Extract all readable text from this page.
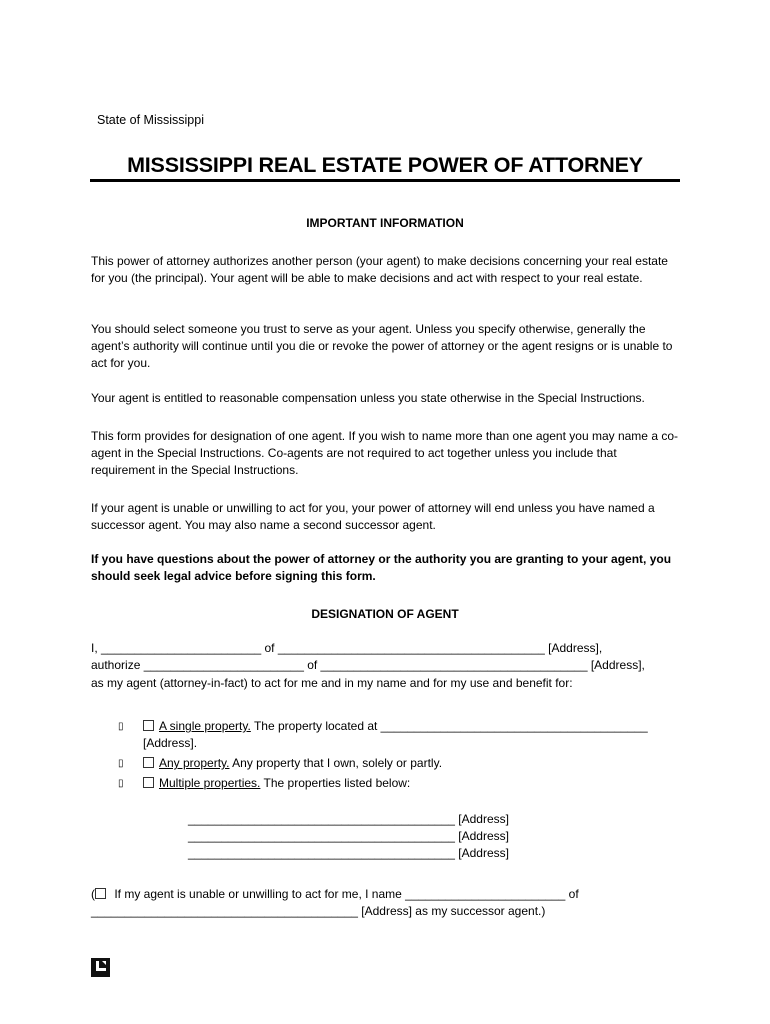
State of Mississippi
MISSISSIPPI REAL ESTATE POWER OF ATTORNEY
IMPORTANT INFORMATION
This power of attorney authorizes another person (your agent) to make decisions concerning your real estate for you (the principal). Your agent will be able to make decisions and act with respect to your real estate.
You should select someone you trust to serve as your agent. Unless you specify otherwise, generally the agent’s authority will continue until you die or revoke the power of attorney or the agent resigns or is unable to act for you.
Your agent is entitled to reasonable compensation unless you state otherwise in the Special Instructions.
This form provides for designation of one agent. If you wish to name more than one agent you may name a co-agent in the Special Instructions. Co-agents are not required to act together unless you include that requirement in the Special Instructions.
If your agent is unable or unwilling to act for you, your power of attorney will end unless you have named a successor agent. You may also name a second successor agent.
If you have questions about the power of attorney or the authority you are granting to your agent, you should seek legal advice before signing this form.
DESIGNATION OF AGENT
I, ________________________ of ________________________________________ [Address],
authorize ________________________ of ________________________________________ [Address],
as my agent (attorney-in-fact) to act for me and in my name and for my use and benefit for:
▯	A single property. The property located at ________________________________________
[Address].
▯	Any property. Any property that I own, solely or partly.
▯	Multiple properties. The properties listed below:
________________________________________ [Address]
________________________________________ [Address]
________________________________________ [Address]
( If my agent is unable or unwilling to act for me, I name ________________________ of
________________________________________ [Address] as my successor agent.)
